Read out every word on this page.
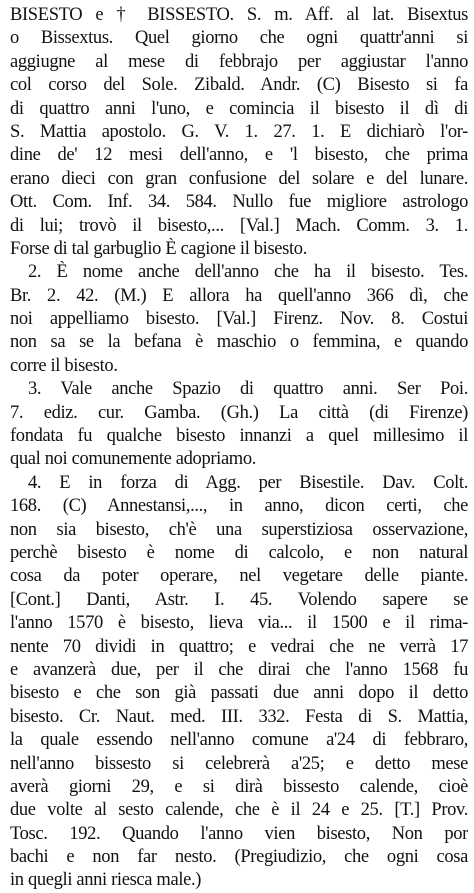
BISESTO e † BISSESTO. S. m. Aff. al lat. Bisextus
o Bissextus. Quel giorno che ogni quattr'anni si
aggiugne al mese di febbrajo per aggiustar l'anno
col corso del Sole. Zibald. Andr. (C) Bisesto si fa
di quattro anni l'uno, e comincia il bisesto il dì di
S. Mattia apostolo. G. V. 1. 27. 1. E dichiarò l'or-
dine de' 12 mesi dell'anno, e 'l bisesto, che prima
erano dieci con gran confusione del solare e del lunare.
Ott. Com. Inf. 34. 584. Nullo fue migliore astrologo
di lui; trovò il bisesto,... [Val.] Mach. Comm. 3. 1.
Forse di tal garbuglio È cagione il bisesto.
2. È nome anche dell'anno che ha il bisesto. Tes.
Br. 2. 42. (M.) E allora ha quell'anno 366 dì, che
noi appelliamo bisesto. [Val.] Firenz. Nov. 8. Costui
non sa se la befana è maschio o femmina, e quando
corre il bisesto.
3. Vale anche Spazio di quattro anni. Ser Poi.
7. ediz. cur. Gamba. (Gh.) La città (di Firenze)
fondata fu qualche bisesto innanzi a quel millesimo il
qual noi comunemente adopriamo.
4. E in forza di Agg. per Bisestile. Dav. Colt.
168. (C) Annestansi,..., in anno, dicon certi, che
non sia bisesto, ch'è una superstiziosa osservazione,
perchè bisesto è nome di calcolo, e non natural
cosa da poter operare, nel vegetare delle piante.
[Cont.] Danti, Astr. I. 45. Volendo sapere se
l'anno 1570 è bisesto, lieva via... il 1500 e il rima-
nente 70 dividi in quattro; e vedrai che ne verrà 17
e avanzerà due, per il che dirai che l'anno 1568 fu
bisesto e che son già passati due anni dopo il detto
bisesto. Cr. Naut. med. III. 332. Festa di S. Mattia,
la quale essendo nell'anno comune a'24 di febbraro,
nell'anno bissesto si celebrerà a'25; e detto mese
averà giorni 29, e si dirà bissesto calende, cioè
due volte al sesto calende, che è il 24 e 25. [T.] Prov.
Tosc. 192. Quando l'anno vien bisesto, Non por
bachi e non far nesto. (Pregiudizio, che ogni cosa
in quegli anni riesca male.)
